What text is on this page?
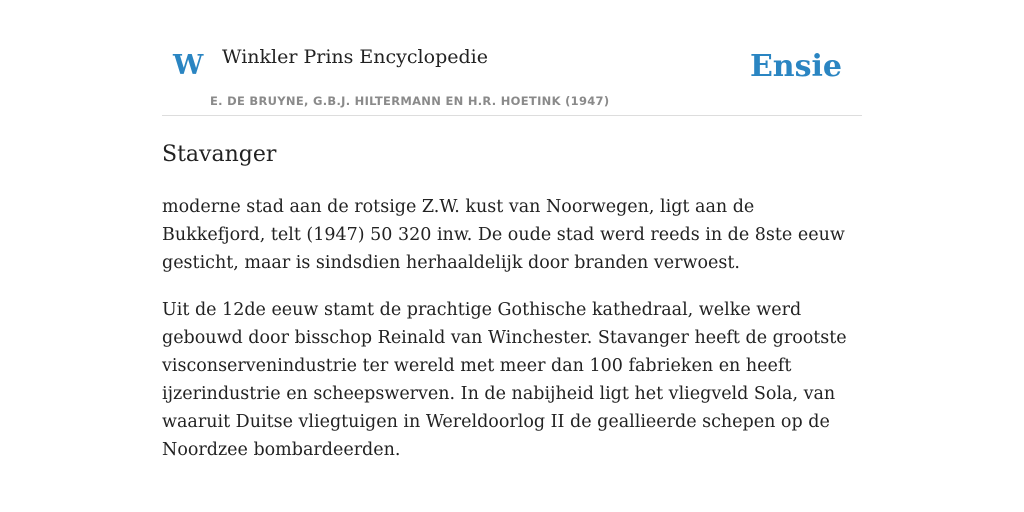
W Winkler Prins Encyclopedie
E. DE BRUYNE, G.B.J. HILTERMANN EN H.R. HOETINK (1947)
Ensie
Stavanger

moderne stad aan de rotsige Z.W. kust van Noorwegen, ligt aan de Bukkefjord, telt (1947) 50 320 inw. De oude stad werd reeds in de 8ste eeuw gesticht, maar is sindsdien herhaaldelijk door branden verwoest.

Uit de 12de eeuw stamt de prachtige Gothische kathedraal, welke werd gebouwd door bisschop Reinald van Winchester. Stavanger heeft de grootste visconservenindustrie ter wereld met meer dan 100 fabrieken en heeft ijzerindustrie en scheepswerven. In de nabijheid ligt het vliegveld Sola, van waaruit Duitse vliegtuigen in Wereldoorlog II de geallieerde schepen op de Noordzee bombardeerden.
